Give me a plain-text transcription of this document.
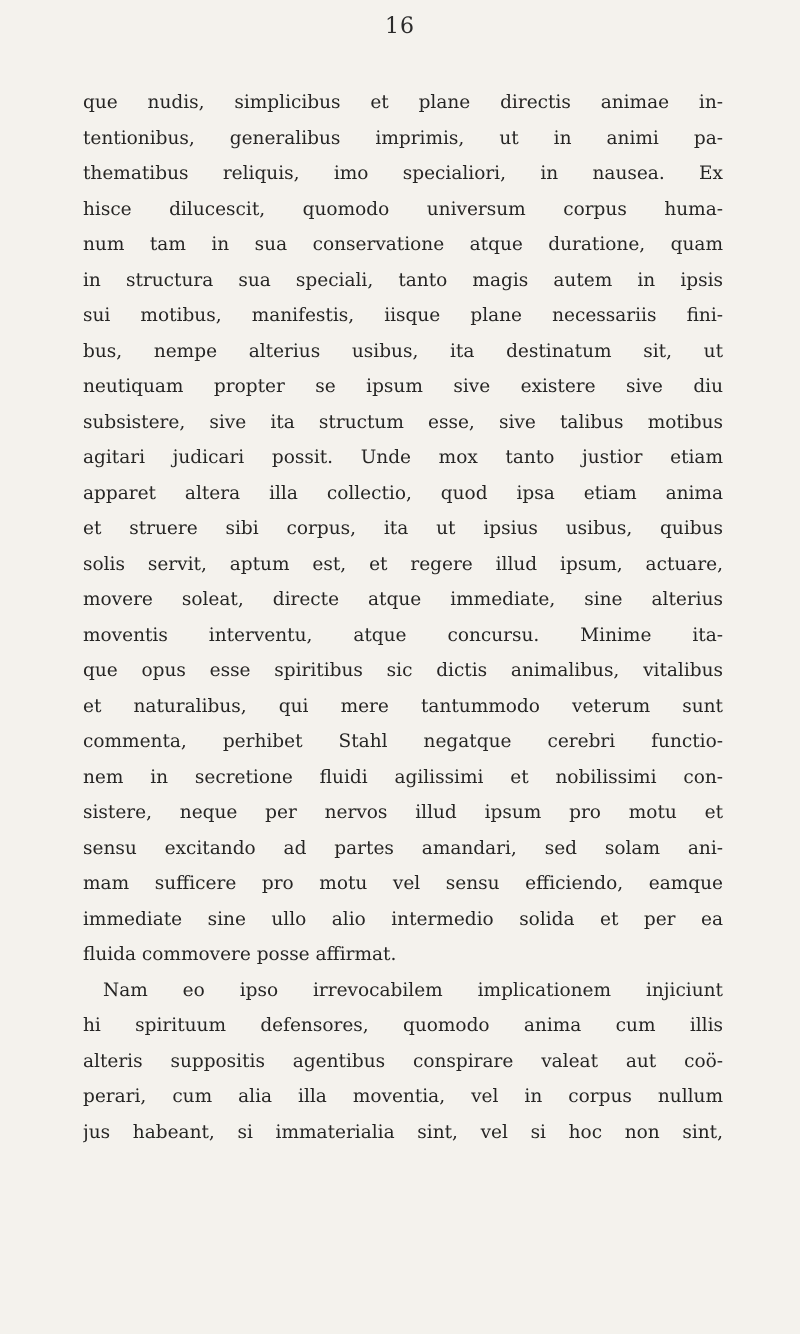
16
que nudis, simplicibus et plane directis animae in-
tentionibus, generalibus imprimis, ut in animi pa-
thematibus reliquis, imo specialiori, in nausea. Ex
hisce dilucescit, quomodo universum corpus huma-
num tam in sua conservatione atque duratione, quam
in structura sua speciali, tanto magis autem in ipsis
sui motibus, manifestis, iisque plane necessariis fini-
bus, nempe alterius usibus, ita destinatum sit, ut
neutiquam propter se ipsum sive existere sive diu
subsistere, sive ita structum esse, sive talibus motibus
agitari judicari possit. Unde mox tanto justior etiam
apparet altera illa collectio, quod ipsa etiam anima
et struere sibi corpus, ita ut ipsius usibus, quibus
solis servit, aptum est, et regere illud ipsum, actuare,
movere soleat, directe atque immediate, sine alterius
moventis interventu, atque concursu. Minime ita-
que opus esse spiritibus sic dictis animalibus, vitalibus
et naturalibus, qui mere tantummodo veterum sunt
commenta, perhibet Stahl negatque cerebri functio-
nem in secretione fluidi agilissimi et nobilissimi con-
sistere, neque per nervos illud ipsum pro motu et
sensu excitando ad partes amandari, sed solam ani-
mam sufficere pro motu vel sensu efficiendo, eamque
immediate sine ullo alio intermedio solida et per ea
fluida commovere posse affirmat.
Nam eo ipso irrevocabilem implicationem injiciunt
hi spirituum defensores, quomodo anima cum illis
alteris suppositis agentibus conspirare valeat aut coö-
perari, cum alia illa moventia, vel in corpus nullum
jus habeant, si immaterialia sint, vel si hoc non sint,
